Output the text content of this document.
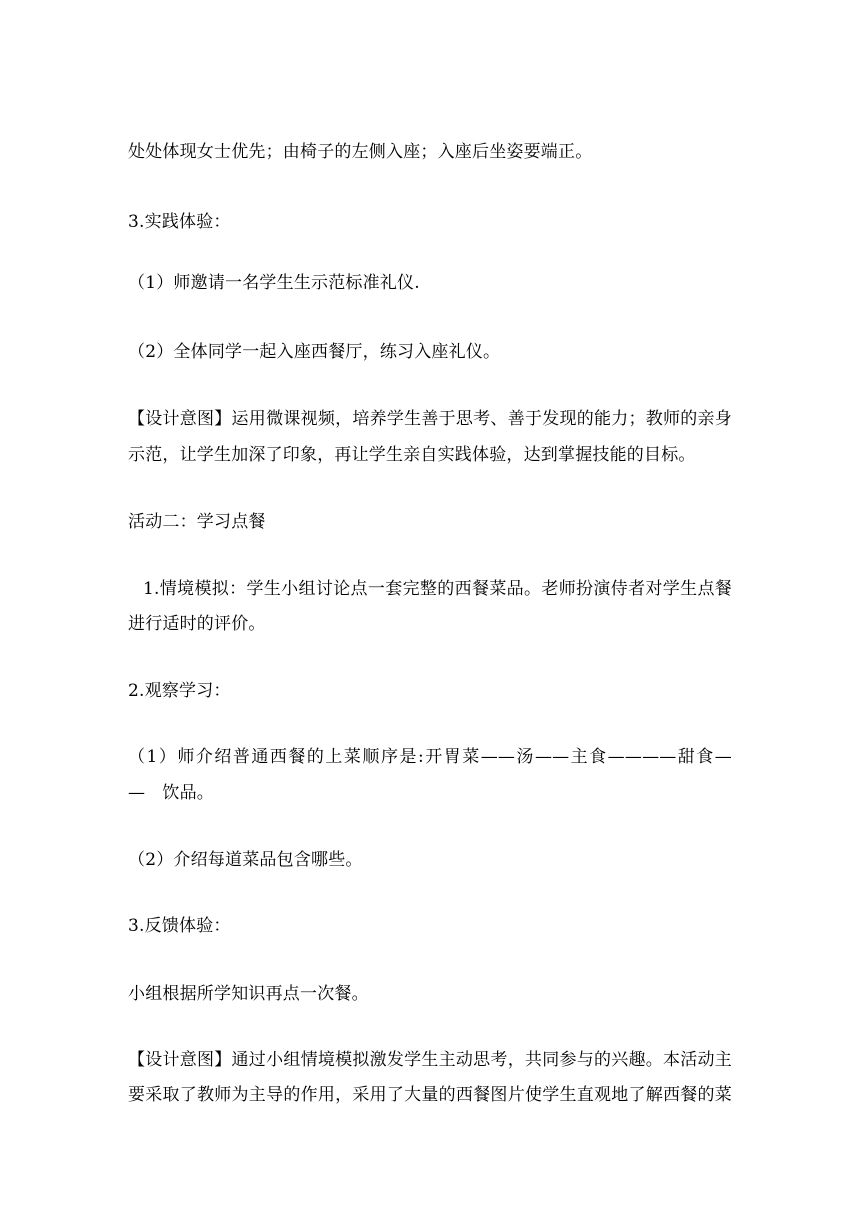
处处体现女士优先；由椅子的左侧入座；入座后坐姿要端正。
3.实践体验：
（1）师邀请一名学生生示范标准礼仪.
（2）全体同学一起入座西餐厅，练习入座礼仪。
【设计意图】运用微课视频，培养学生善于思考、善于发现的能力；教师的亲身
示范，让学生加深了印象，再让学生亲自实践体验，达到掌握技能的目标。
活动二：学习点餐
1.情境模拟：学生小组讨论点一套完整的西餐菜品。老师扮演侍者对学生点餐
进行适时的评价。
2.观察学习：
（1）师介绍普通西餐的上菜顺序是:开胃菜——汤——主食————甜食—
—　饮品。
（2）介绍每道菜品包含哪些。
3.反馈体验：
小组根据所学知识再点一次餐。
【设计意图】通过小组情境模拟激发学生主动思考，共同参与的兴趣。本活动主
要采取了教师为主导的作用，采用了大量的西餐图片使学生直观地了解西餐的菜
